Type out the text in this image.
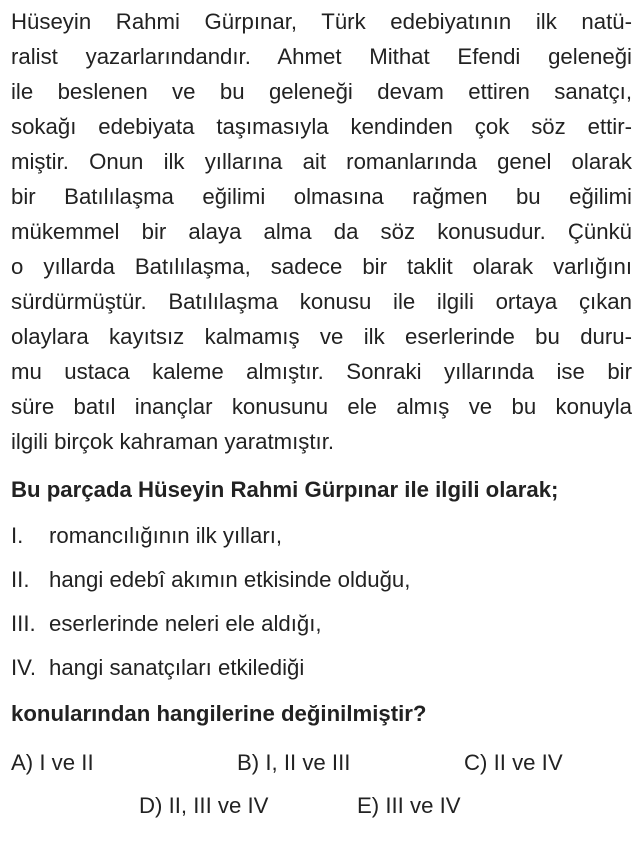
Hüseyin Rahmi Gürpınar, Türk edebiyatının ilk natü-
ralist yazarlarındandır. Ahmet Mithat Efendi geleneği
ile beslenen ve bu geleneği devam ettiren sanatçı,
sokağı edebiyata taşımasıyla kendinden çok söz ettir-
miştir. Onun ilk yıllarına ait romanlarında genel olarak
bir Batılılaşma eğilimi olmasına rağmen bu eğilimi
mükemmel bir alaya alma da söz konusudur. Çünkü
o yıllarda Batılılaşma, sadece bir taklit olarak varlığını
sürdürmüştür. Batılılaşma konusu ile ilgili ortaya çıkan
olaylara kayıtsız kalmamış ve ilk eserlerinde bu duru-
mu ustaca kaleme almıştır. Sonraki yıllarında ise bir
süre batıl inançlar konusunu ele almış ve bu konuyla
ilgili birçok kahraman yaratmıştır.
Bu parçada Hüseyin Rahmi Gürpınar ile ilgili olarak;
I. romancılığının ilk yılları,
II. hangi edebî akımın etkisinde olduğu,
III. eserlerinde neleri ele aldığı,
IV. hangi sanatçıları etkilediği
konularından hangilerine değinilmiştir?
A) I ve II	B) I, II ve III	C) II ve IV
D) II, III ve IV	E) III ve IV
